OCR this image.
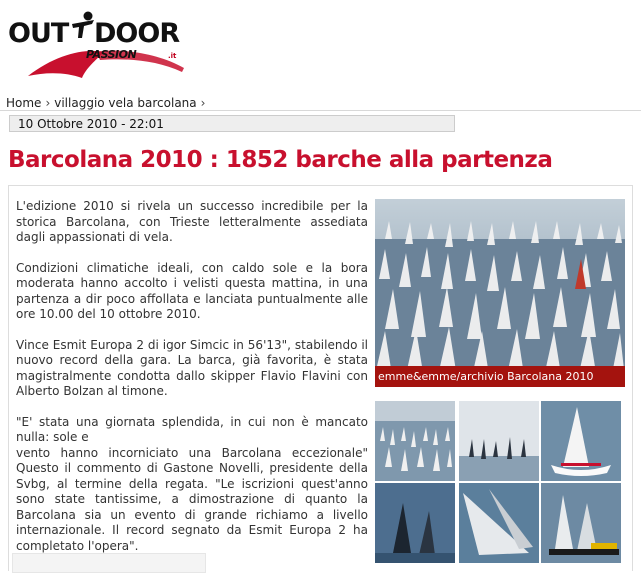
OUT DOOR
PASSION	.it
Home › villaggio vela barcolana ›
10 Ottobre 2010 - 22:01
Barcolana 2010 : 1852 barche alla partenza

L'edizione 2010 si rivela un successo incredibile per la storica Barcolana, con Trieste letteralmente assediata dagli appassionati di vela.

Condizioni climatiche ideali, con caldo sole e la bora moderata hanno accolto i velisti questa mattina, in una partenza a dir poco affollata e lanciata puntualmente alle ore 10.00 del 10 ottobre 2010.

Vince Esmit Europa 2 di igor Simcic in 56'13", stabilendo il nuovo record della gara. La barca, già favorita, è stata magistralmente condotta dallo skipper Flavio Flavini con Alberto Bolzan al timone.

"E' stata una giornata splendida, in cui non è mancato nulla: sole e
vento hanno incorniciato una Barcolana eccezionale" Questo il commento di Gastone Novelli, presidente della Svbg, al termine della regata. "Le iscrizioni quest'anno sono state tantissime, a dimostrazione di quanto la Barcolana sia un evento di grande richiamo a livello internazionale. Il record segnato da Esmit Europa 2 ha completato l'opera".

emme&emme/archivio Barcolana 2010
